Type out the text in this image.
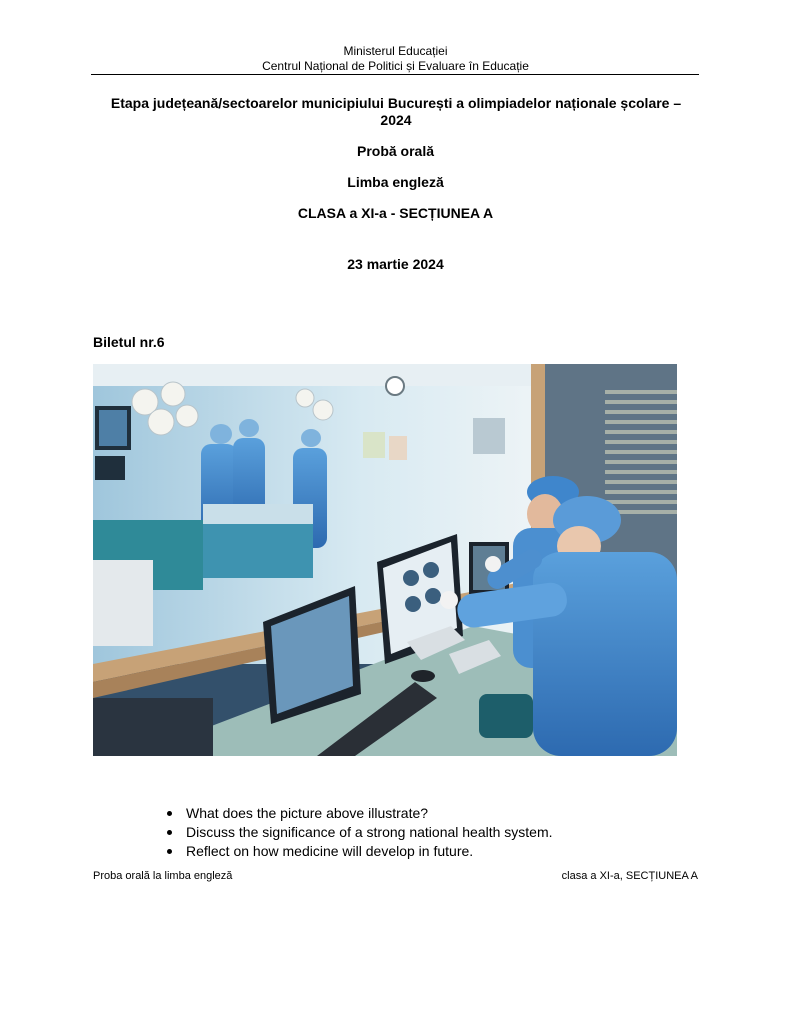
Ministerul Educației
Centrul Național de Politici și Evaluare în Educație
Etapa județeană/sectoarelor municipiului București a olimpiadelor naționale școlare – 2024
Probă orală
Limba engleză
CLASA a XI-a - SECȚIUNEA A
23 martie 2024
Biletul nr.6
What does the picture above illustrate?
Discuss the significance of a strong national health system.
Reflect on how medicine will develop in future.
Proba orală la limba engleză	clasa a XI-a, SECȚIUNEA A
